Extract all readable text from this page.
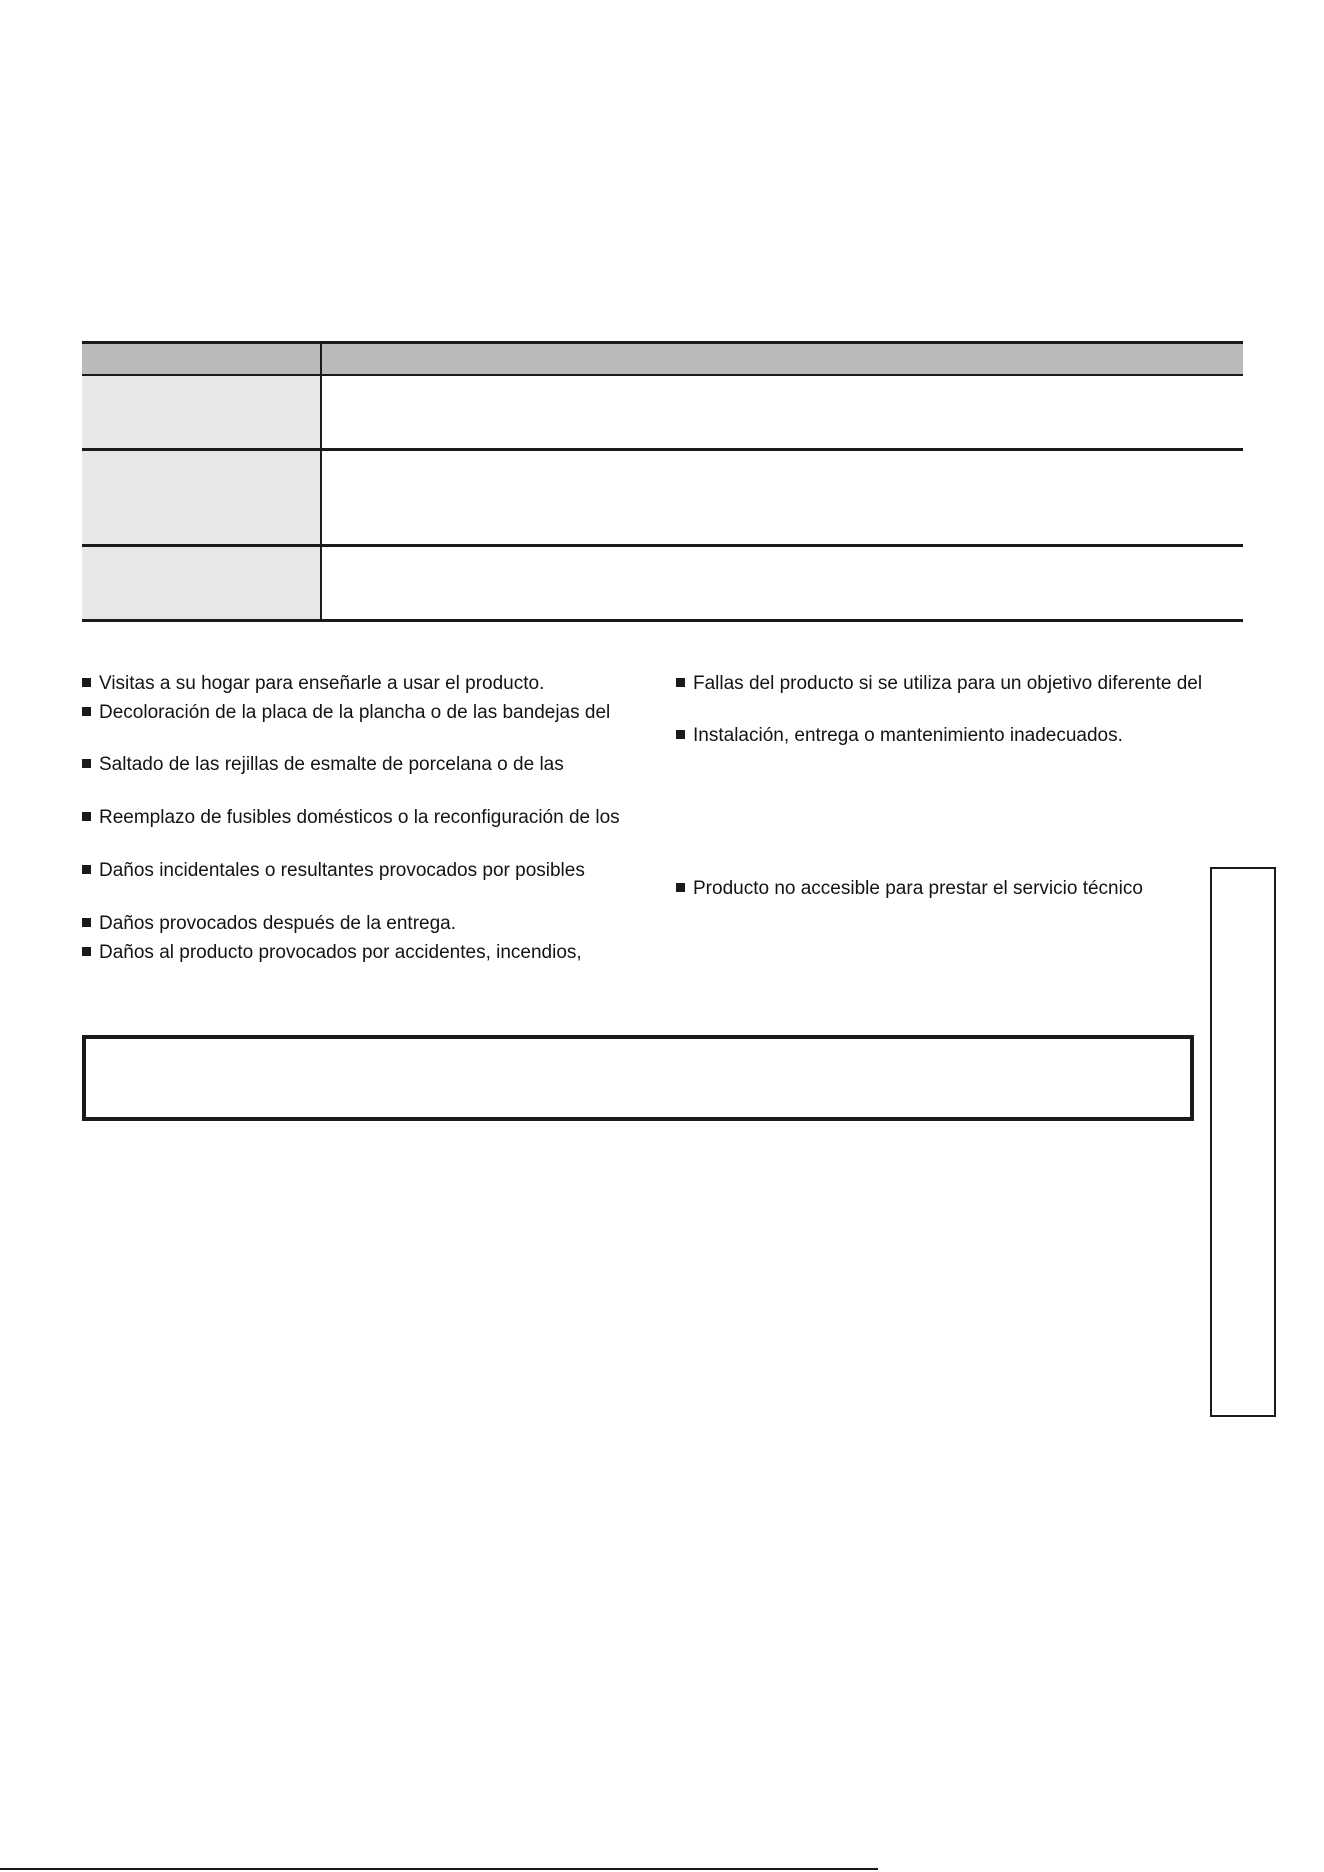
Visitas a su hogar para enseñarle a usar el producto.
Decoloración de la placa de la plancha o de las bandejas del
Saltado de las rejillas de esmalte de porcelana o de las
Reemplazo de fusibles domésticos o la reconfiguración de los
Daños incidentales o resultantes provocados por posibles
Daños provocados después de la entrega.
Daños al producto provocados por accidentes, incendios,
Fallas del producto si se utiliza para un objetivo diferente del
Instalación, entrega o mantenimiento inadecuados.
Producto no accesible para prestar el servicio técnico
